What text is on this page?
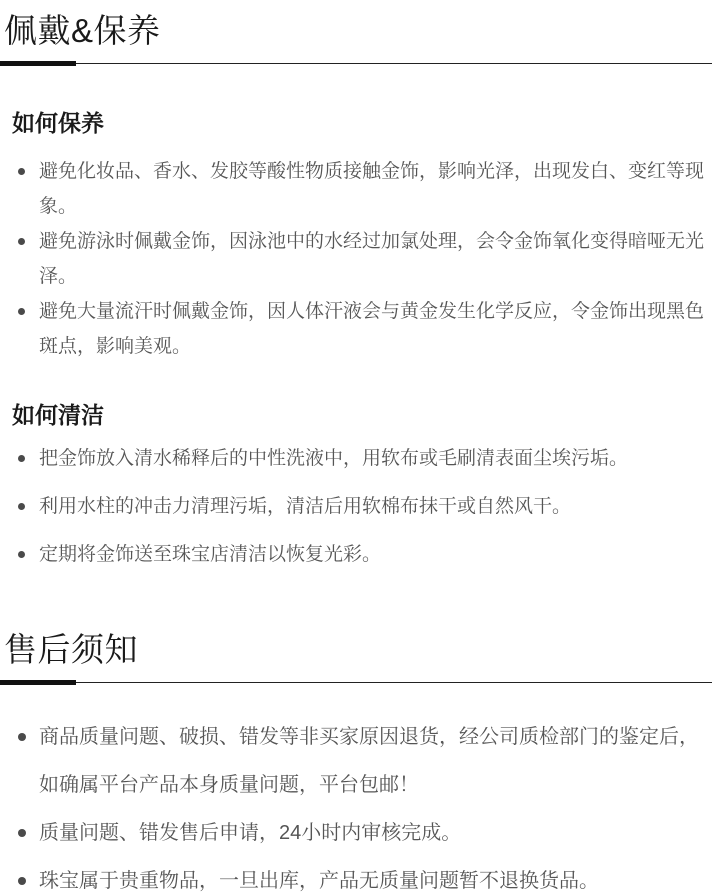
佩戴&保养
如何保养
避免化妆品、香水、发胶等酸性物质接触金饰，影响光泽，出现发白、变红等现象。
避免游泳时佩戴金饰，因泳池中的水经过加氯处理，会令金饰氧化变得暗哑无光泽。
避免大量流汗时佩戴金饰，因人体汗液会与黄金发生化学反应，令金饰出现黑色斑点，影响美观。
如何清洁
把金饰放入清水稀释后的中性洗液中，用软布或毛刷清表面尘埃污垢。
利用水柱的冲击力清理污垢，清洁后用软棉布抹干或自然风干。
定期将金饰送至珠宝店清洁以恢复光彩。
售后须知
商品质量问题、破损、错发等非买家原因退货，经公司质检部门的鉴定后，如确属平台产品本身质量问题，平台包邮！
质量问题、错发售后申请，24小时内审核完成。
珠宝属于贵重物品，一旦出库，产品无质量问题暂不退换货品。
